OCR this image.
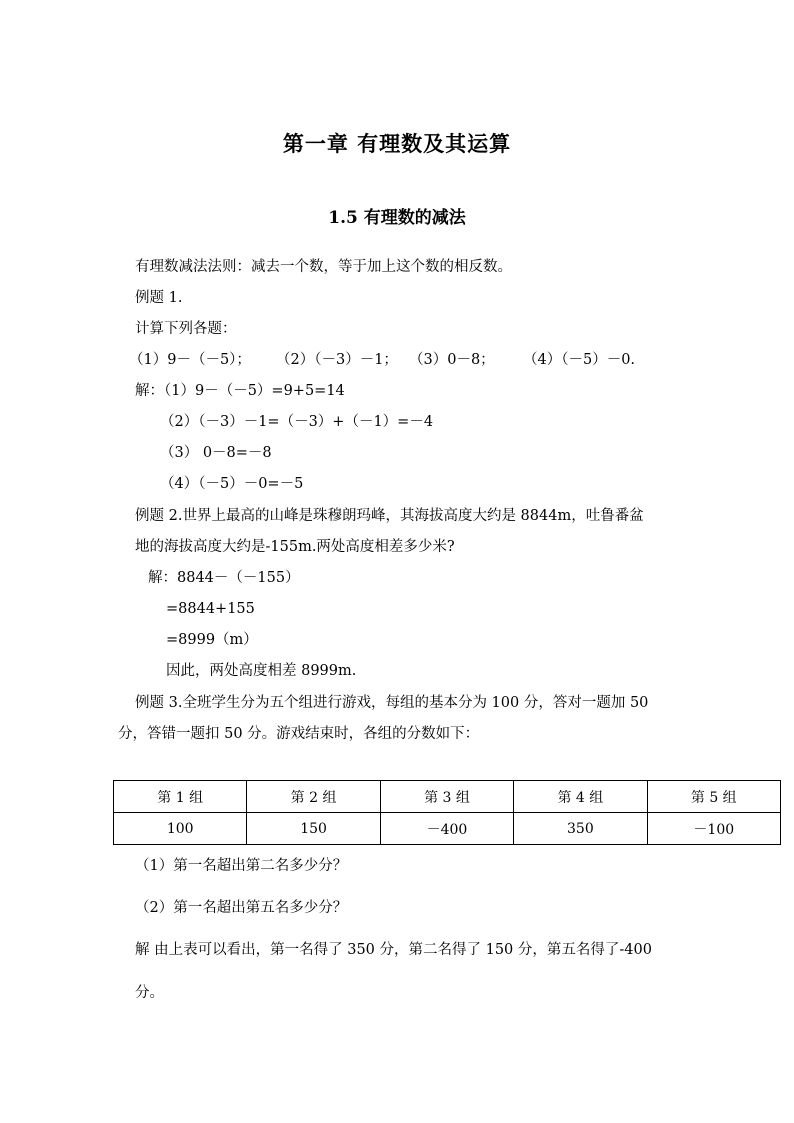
第一章 有理数及其运算
1.5 有理数的减法
有理数减法法则：减去一个数，等于加上这个数的相反数。
例题 1.
计算下列各题：
（1）9－（－5）； （2）（－3）－1； （3）0－8； （4）（－5）－0.
解：（1）9－（－5）=9+5=14
（2）（－3）－1=（－3）+（－1）=－4
（3） 0－8=－8
（4）（－5）－0=－5
例题 2.世界上最高的山峰是珠穆朗玛峰，其海拔高度大约是 8844m，吐鲁番盆
地的海拔高度大约是-155m.两处高度相差多少米?
解：8844－（－155）
=8844+155
=8999（m）
因此，两处高度相差 8999m.
例题 3.全班学生分为五个组进行游戏，每组的基本分为 100 分，答对一题加 50
分，答错一题扣 50 分。游戏结束时，各组的分数如下：
第 1 组	第 2 组	第 3 组	第 4 组	第 5 组
100	150	－400	350	－100
（1）第一名超出第二名多少分？
（2）第一名超出第五名多少分？
解 由上表可以看出，第一名得了 350 分，第二名得了 150 分，第五名得了-400
分。
